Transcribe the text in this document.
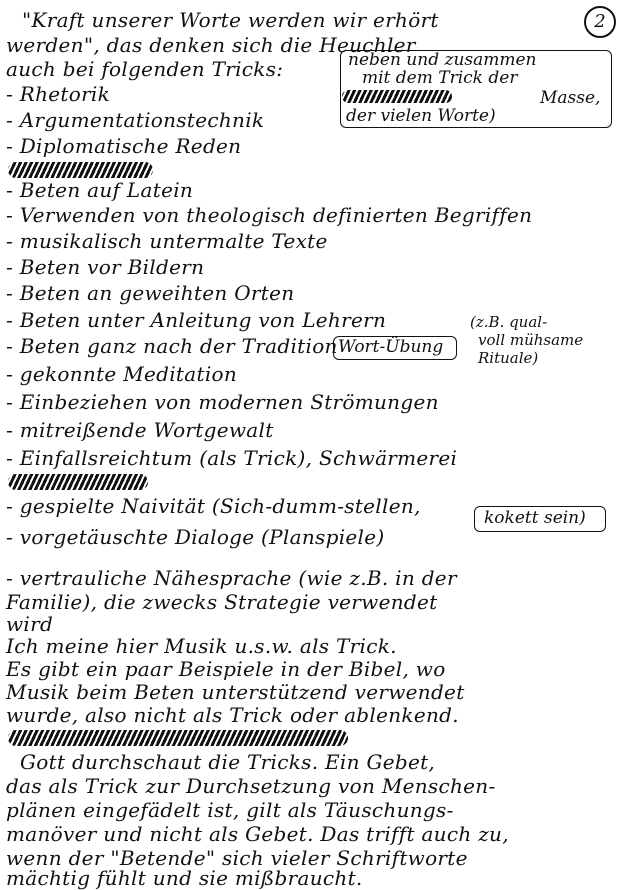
2
"Kraft unserer Worte werden wir erhört
werden", das denken sich die Heuchler
auch bei folgenden Tricks:
- Rhetorik
- Argumentationstechnik
- Diplomatische Reden
- Beten auf Latein
- Verwenden von theologisch definierten Begriffen
- musikalisch untermalte Texte
- Beten vor Bildern
- Beten an geweihten Orten
- Beten unter Anleitung von Lehrern
- Beten ganz nach der Tradition
- gekonnte Meditation
- Einbeziehen von modernen Strömungen
- mitreißende Wortgewalt
- Einfallsreichtum (als Trick), Schwärmerei
- gespielte Naivität (Sich-dumm-stellen,
- vorgetäuschte Dialoge (Planspiele)
- vertrauliche Nähesprache (wie z.B. in der
Familie), die zwecks Strategie verwendet
wird
Ich meine hier Musik u.s.w. als Trick.
Es gibt ein paar Beispiele in der Bibel, wo
Musik beim Beten unterstützend verwendet
wurde, also nicht als Trick oder ablenkend.
Gott durchschaut die Tricks. Ein Gebet,
das als Trick zur Durchsetzung von Menschen-
plänen eingefädelt ist, gilt als Täuschungs-
manöver und nicht als Gebet. Das trifft auch zu,
wenn der "Betende" sich vieler Schriftworte
mächtig fühlt und sie mißbraucht.
neben und zusammen
mit dem Trick der
Masse,
der vielen Worte)
Wort-Übung
(z.B. qual-
voll mühsame
Rituale)
kokett sein)
